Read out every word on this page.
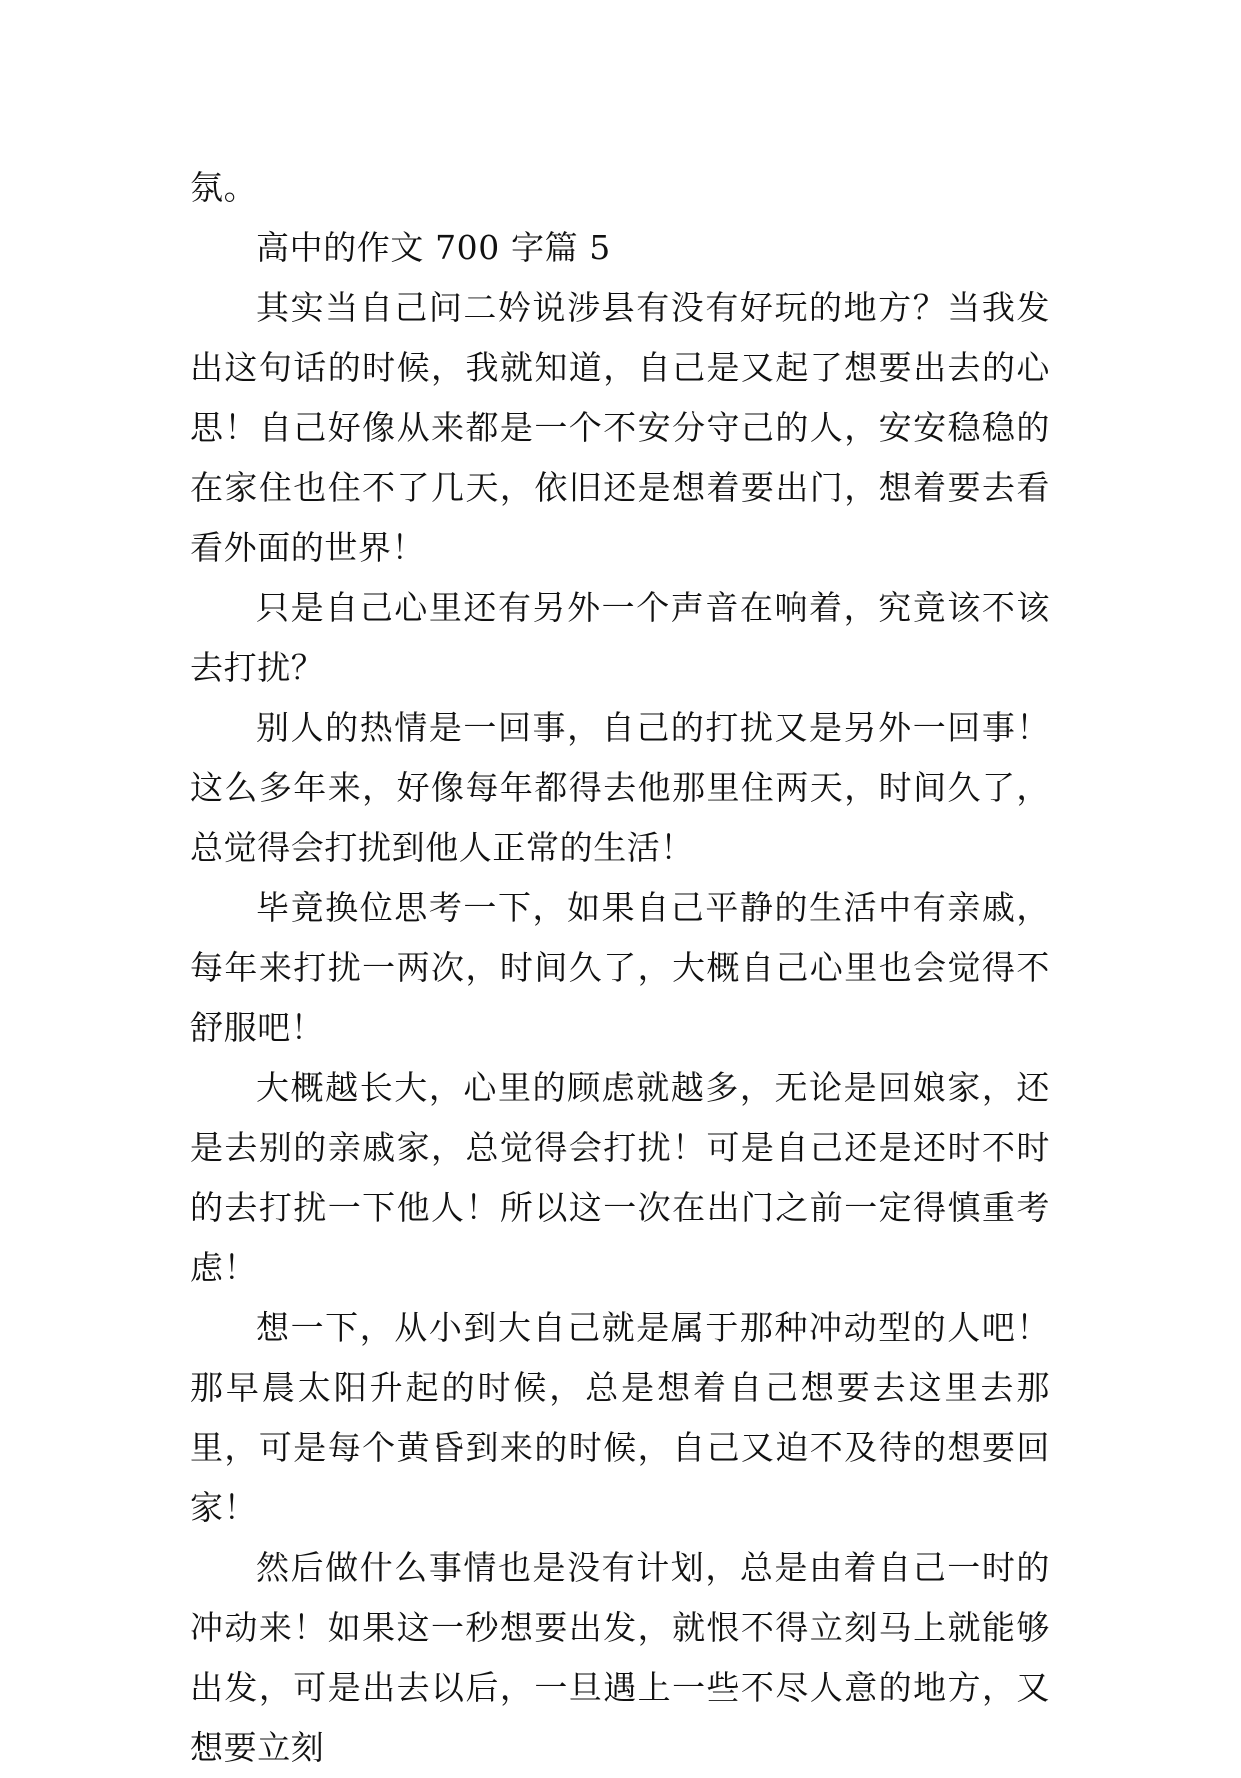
氛。

高中的作文 700 字篇 5

其实当自己问二妗说涉县有没有好玩的地方？当我发出这句话的时候，我就知道，自己是又起了想要出去的心思！自己好像从来都是一个不安分守己的人，安安稳稳的在家住也住不了几天，依旧还是想着要出门，想着要去看看外面的世界！

只是自己心里还有另外一个声音在响着，究竟该不该去打扰？

别人的热情是一回事，自己的打扰又是另外一回事！这么多年来，好像每年都得去他那里住两天，时间久了，总觉得会打扰到他人正常的生活！

毕竟换位思考一下，如果自己平静的生活中有亲戚，每年来打扰一两次，时间久了，大概自己心里也会觉得不舒服吧！

大概越长大，心里的顾虑就越多，无论是回娘家，还是去别的亲戚家，总觉得会打扰！可是自己还是还时不时的去打扰一下他人！所以这一次在出门之前一定得慎重考虑！

想一下，从小到大自己就是属于那种冲动型的人吧！那早晨太阳升起的时候，总是想着自己想要去这里去那里，可是每个黄昏到来的时候，自己又迫不及待的想要回家！

然后做什么事情也是没有计划，总是由着自己一时的冲动来！如果这一秒想要出发，就恨不得立刻马上就能够出发，可是出去以后，一旦遇上一些不尽人意的地方，又想要立刻
